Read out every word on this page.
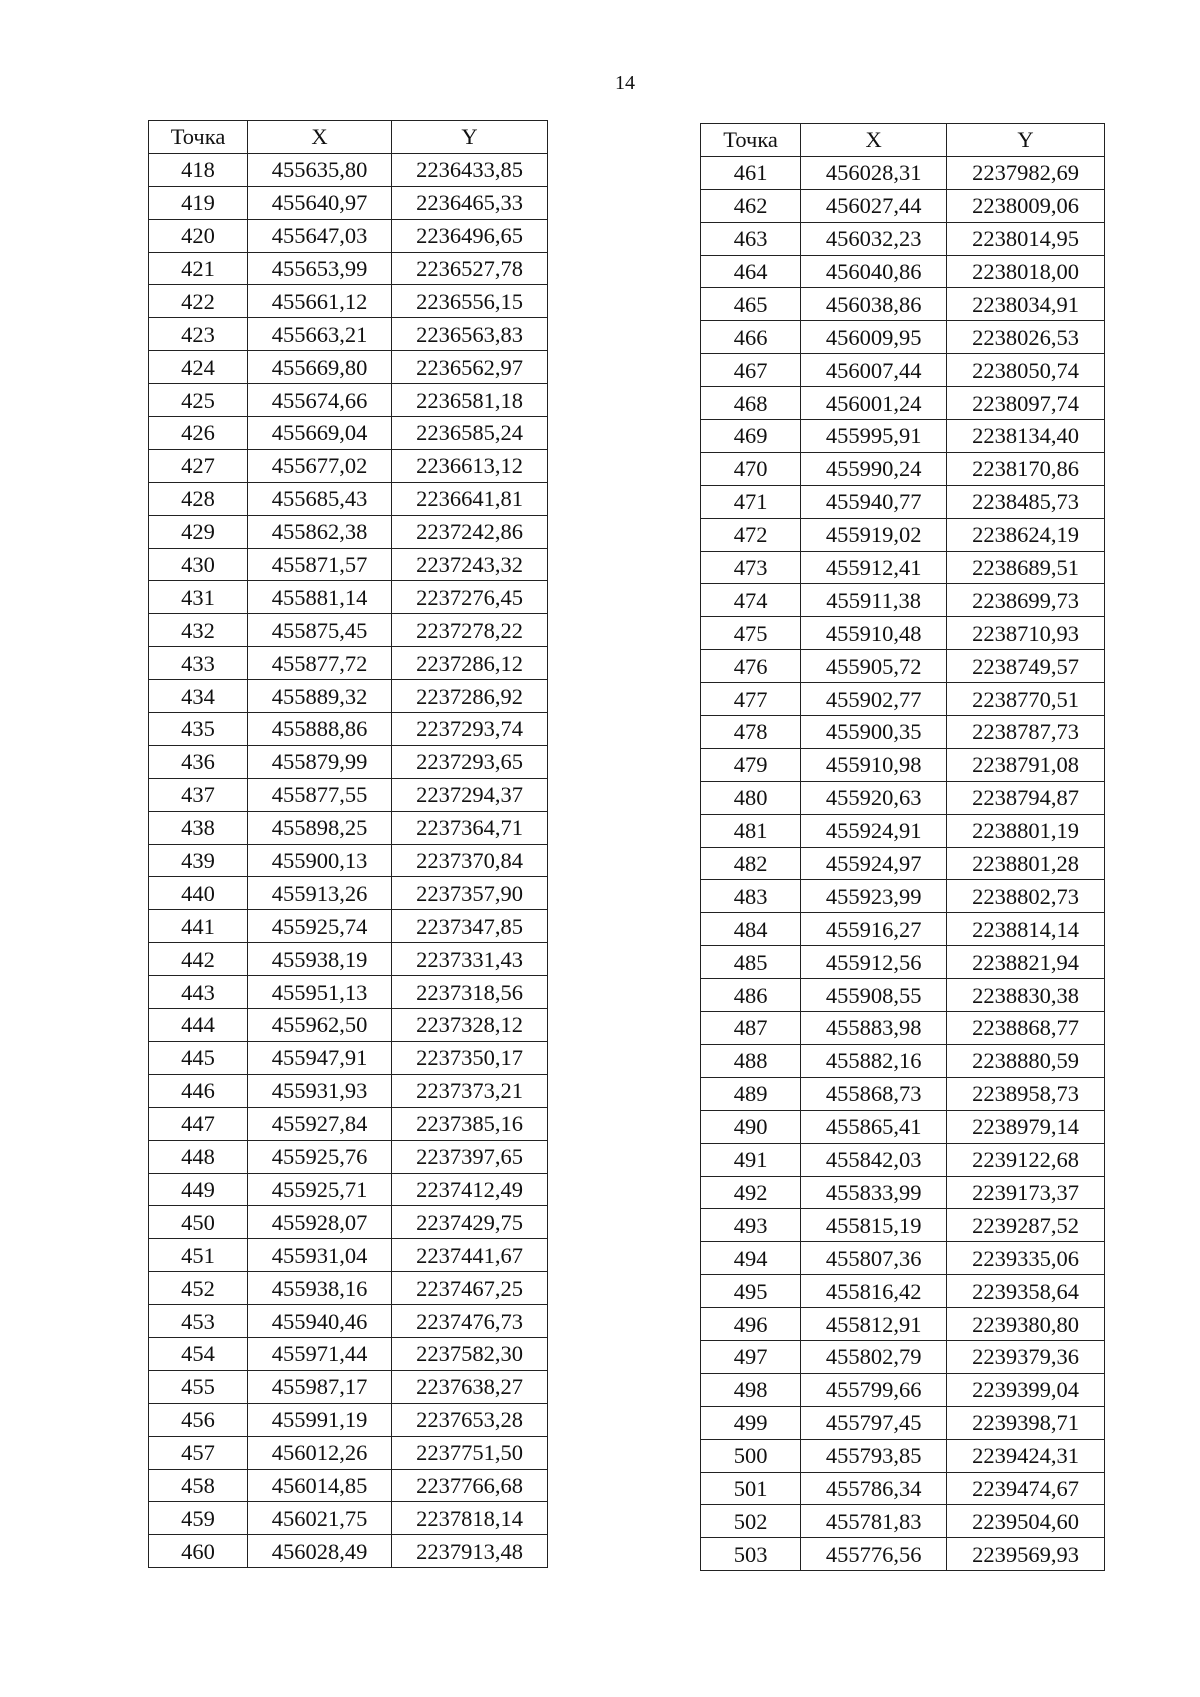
14
Точка	X	Y
418	455635,80	2236433,85
419	455640,97	2236465,33
420	455647,03	2236496,65
421	455653,99	2236527,78
422	455661,12	2236556,15
423	455663,21	2236563,83
424	455669,80	2236562,97
425	455674,66	2236581,18
426	455669,04	2236585,24
427	455677,02	2236613,12
428	455685,43	2236641,81
429	455862,38	2237242,86
430	455871,57	2237243,32
431	455881,14	2237276,45
432	455875,45	2237278,22
433	455877,72	2237286,12
434	455889,32	2237286,92
435	455888,86	2237293,74
436	455879,99	2237293,65
437	455877,55	2237294,37
438	455898,25	2237364,71
439	455900,13	2237370,84
440	455913,26	2237357,90
441	455925,74	2237347,85
442	455938,19	2237331,43
443	455951,13	2237318,56
444	455962,50	2237328,12
445	455947,91	2237350,17
446	455931,93	2237373,21
447	455927,84	2237385,16
448	455925,76	2237397,65
449	455925,71	2237412,49
450	455928,07	2237429,75
451	455931,04	2237441,67
452	455938,16	2237467,25
453	455940,46	2237476,73
454	455971,44	2237582,30
455	455987,17	2237638,27
456	455991,19	2237653,28
457	456012,26	2237751,50
458	456014,85	2237766,68
459	456021,75	2237818,14
460	456028,49	2237913,48
Точка	X	Y
461	456028,31	2237982,69
462	456027,44	2238009,06
463	456032,23	2238014,95
464	456040,86	2238018,00
465	456038,86	2238034,91
466	456009,95	2238026,53
467	456007,44	2238050,74
468	456001,24	2238097,74
469	455995,91	2238134,40
470	455990,24	2238170,86
471	455940,77	2238485,73
472	455919,02	2238624,19
473	455912,41	2238689,51
474	455911,38	2238699,73
475	455910,48	2238710,93
476	455905,72	2238749,57
477	455902,77	2238770,51
478	455900,35	2238787,73
479	455910,98	2238791,08
480	455920,63	2238794,87
481	455924,91	2238801,19
482	455924,97	2238801,28
483	455923,99	2238802,73
484	455916,27	2238814,14
485	455912,56	2238821,94
486	455908,55	2238830,38
487	455883,98	2238868,77
488	455882,16	2238880,59
489	455868,73	2238958,73
490	455865,41	2238979,14
491	455842,03	2239122,68
492	455833,99	2239173,37
493	455815,19	2239287,52
494	455807,36	2239335,06
495	455816,42	2239358,64
496	455812,91	2239380,80
497	455802,79	2239379,36
498	455799,66	2239399,04
499	455797,45	2239398,71
500	455793,85	2239424,31
501	455786,34	2239474,67
502	455781,83	2239504,60
503	455776,56	2239569,93
